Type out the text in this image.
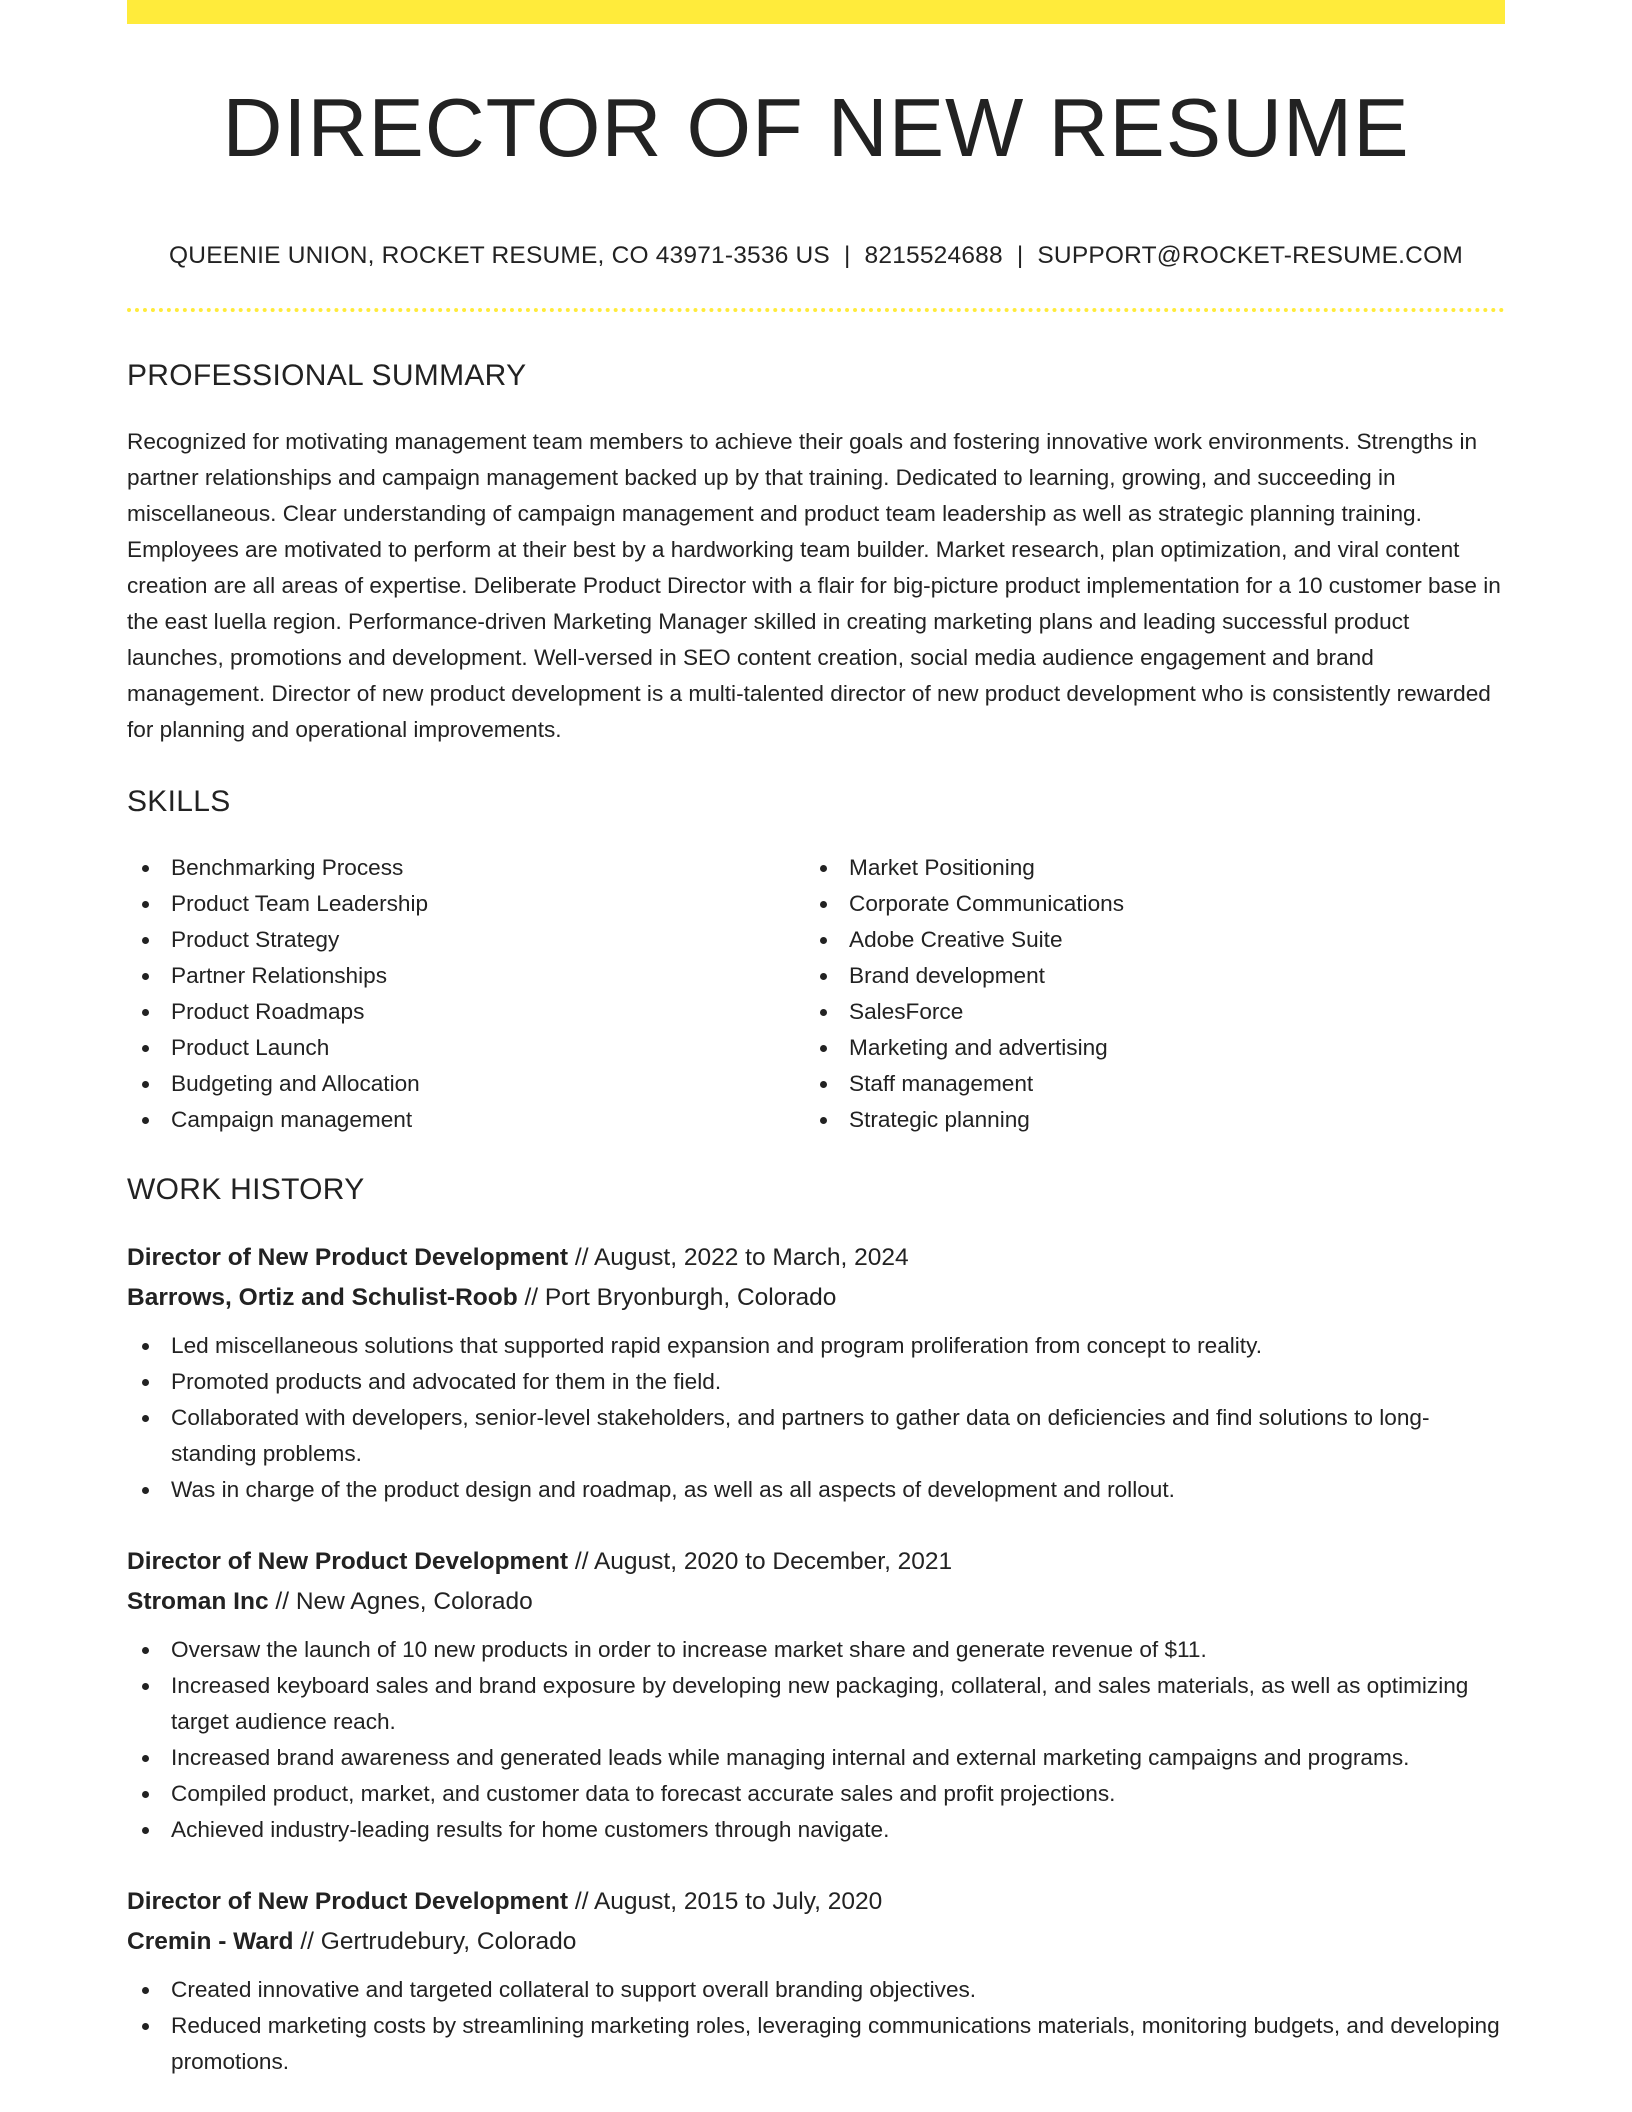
DIRECTOR OF NEW RESUME
QUEENIE UNION, ROCKET RESUME, CO 43971-3536 US | 8215524688 | SUPPORT@ROCKET-RESUME.COM
PROFESSIONAL SUMMARY

Recognized for motivating management team members to achieve their goals and fostering innovative work environments. Strengths in partner relationships and campaign management backed up by that training. Dedicated to learning, growing, and succeeding in miscellaneous. Clear understanding of campaign management and product team leadership as well as strategic planning training. Employees are motivated to perform at their best by a hardworking team builder. Market research, plan optimization, and viral content creation are all areas of expertise. Deliberate Product Director with a flair for big-picture product implementation for a 10 customer base in the east luella region. Performance-driven Marketing Manager skilled in creating marketing plans and leading successful product launches, promotions and development. Well-versed in SEO content creation, social media audience engagement and brand management. Director of new product development is a multi-talented director of new product development who is consistently rewarded for planning and operational improvements.

SKILLS
Benchmarking Process
Product Team Leadership
Product Strategy
Partner Relationships
Product Roadmaps
Product Launch
Budgeting and Allocation
Campaign management
Market Positioning
Corporate Communications
Adobe Creative Suite
Brand development
SalesForce
Marketing and advertising
Staff management
Strategic planning
WORK HISTORY
Director of New Product Development // August, 2022 to March, 2024
Barrows, Ortiz and Schulist-Roob // Port Bryonburgh, Colorado
Led miscellaneous solutions that supported rapid expansion and program proliferation from concept to reality.
Promoted products and advocated for them in the field.
Collaborated with developers, senior-level stakeholders, and partners to gather data on deficiencies and find solutions to long-standing problems.
Was in charge of the product design and roadmap, as well as all aspects of development and rollout.
Director of New Product Development // August, 2020 to December, 2021
Stroman Inc // New Agnes, Colorado
Oversaw the launch of 10 new products in order to increase market share and generate revenue of $11.
Increased keyboard sales and brand exposure by developing new packaging, collateral, and sales materials, as well as optimizing target audience reach.
Increased brand awareness and generated leads while managing internal and external marketing campaigns and programs.
Compiled product, market, and customer data to forecast accurate sales and profit projections.
Achieved industry-leading results for home customers through navigate.
Director of New Product Development // August, 2015 to July, 2020
Cremin - Ward // Gertrudebury, Colorado
Created innovative and targeted collateral to support overall branding objectives.
Reduced marketing costs by streamlining marketing roles, leveraging communications materials, monitoring budgets, and developing promotions.
